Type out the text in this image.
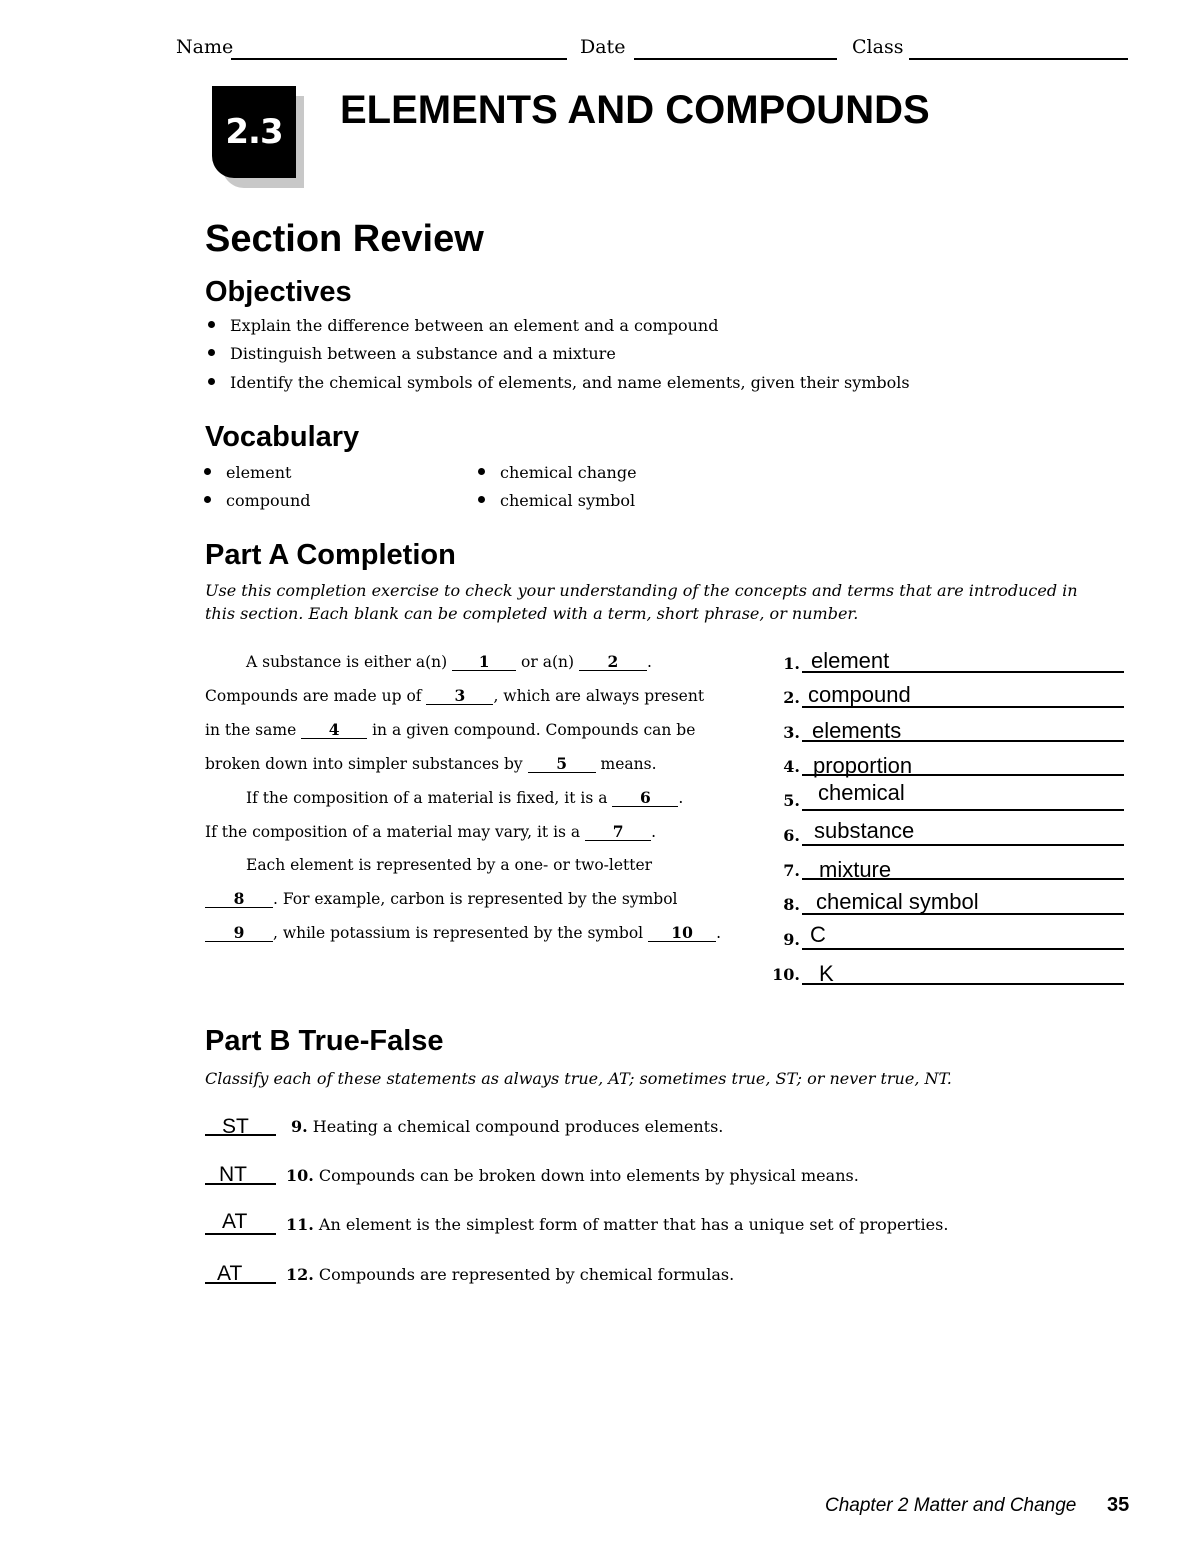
Name	Date	Class
2.3	ELEMENTS AND COMPOUNDS
Section Review
Objectives
Explain the difference between an element and a compound
Distinguish between a substance and a mixture
Identify the chemical symbols of elements, and name elements, given their symbols
Vocabulary
element	chemical change
compound	chemical symbol
Part A Completion
Use this completion exercise to check your understanding of the concepts and terms that are introduced in this section. Each blank can be completed with a term, short phrase, or number.
A substance is either a(n) 1 or a(n) 2 .
Compounds are made up of 3 , which are always present
in the same 4 in a given compound. Compounds can be
broken down into simpler substances by 5 means.
If the composition of a material is fixed, it is a 6 .
If the composition of a material may vary, it is a 7 .
Each element is represented by a one- or two-letter
8 . For example, carbon is represented by the symbol
9 , while potassium is represented by the symbol 10 .
1. element
2. compound
3. elements
4. proportion
5. chemical
6. substance
7. mixture
8. chemical symbol
9. C
10. K
Part B True-False
Classify each of these statements as always true, AT; sometimes true, ST; or never true, NT.
ST	9. Heating a chemical compound produces elements.
NT 10. Compounds can be broken down into elements by physical means.
AT 11. An element is the simplest form of matter that has a unique set of properties.
AT	12. Compounds are represented by chemical formulas.
Chapter 2 Matter and Change 35
